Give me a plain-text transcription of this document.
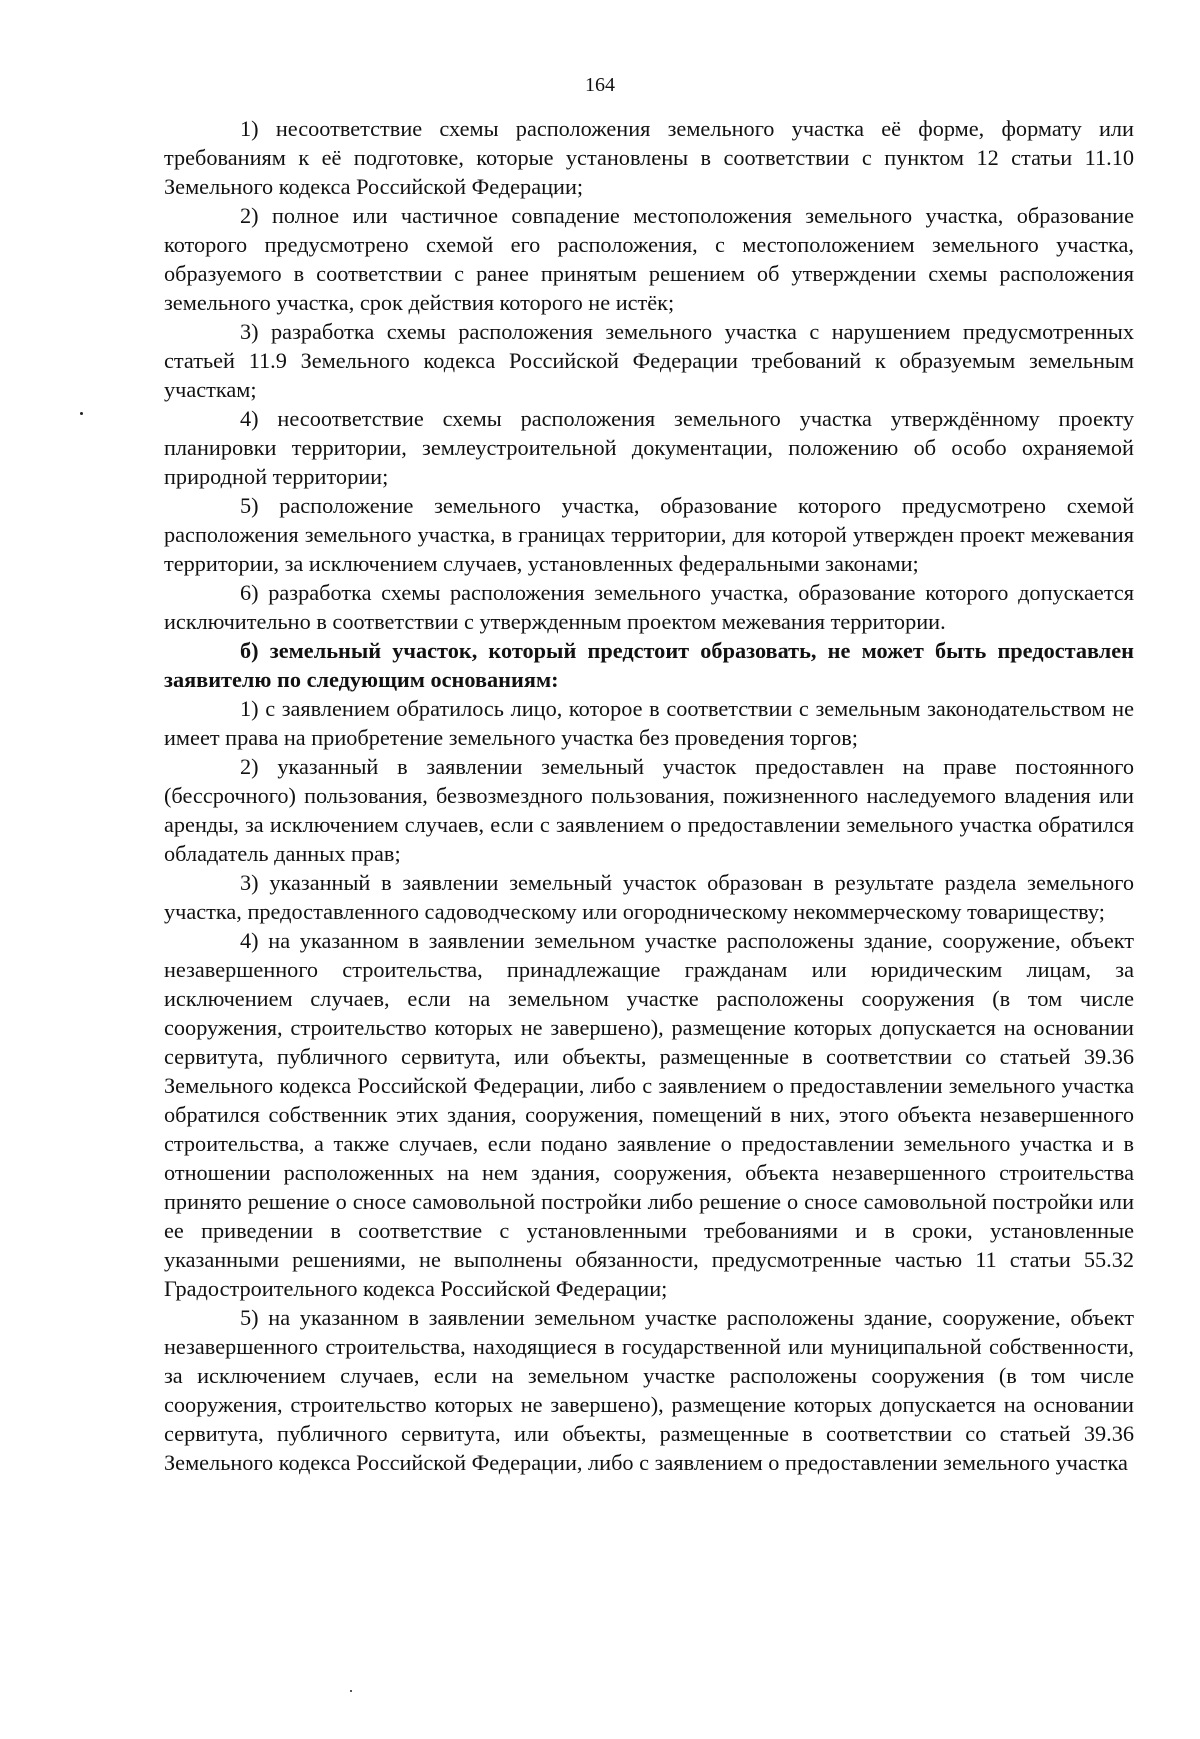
164

1) несоответствие схемы расположения земельного участка её форме, формату или требованиям к её подготовке, которые установлены в соответствии с пунктом 12 статьи 11.10 Земельного кодекса Российской Федерации;

2) полное или частичное совпадение местоположения земельного участка, образование которого предусмотрено схемой его расположения, с местоположением земельного участка, образуемого в соответствии с ранее принятым решением об утверждении схемы расположения земельного участка, срок действия которого не истёк;

3) разработка схемы расположения земельного участка с нарушением предусмотренных статьей 11.9 Земельного кодекса Российской Федерации требований к образуемым земельным участкам;

4) несоответствие схемы расположения земельного участка утверждённому проекту планировки территории, землеустроительной документации, положению об особо охраняемой природной территории;

5) расположение земельного участка, образование которого предусмотрено схемой расположения земельного участка, в границах территории, для которой утвержден проект межевания территории, за исключением случаев, установленных федеральными законами;

6) разработка схемы расположения земельного участка, образование которого допускается исключительно в соответствии с утвержденным проектом межевания территории.

б) земельный участок, который предстоит образовать, не может быть предоставлен заявителю по следующим основаниям:

1) с заявлением обратилось лицо, которое в соответствии с земельным законодательством не имеет права на приобретение земельного участка без проведения торгов;

2) указанный в заявлении земельный участок предоставлен на праве постоянного (бессрочного) пользования, безвозмездного пользования, пожизненного наследуемого владения или аренды, за исключением случаев, если с заявлением о предоставлении земельного участка обратился обладатель данных прав;

3) указанный в заявлении земельный участок образован в результате раздела земельного участка, предоставленного садоводческому или огородническому некоммерческому товариществу;

4) на указанном в заявлении земельном участке расположены здание, сооружение, объект незавершенного строительства, принадлежащие гражданам или юридическим лицам, за исключением случаев, если на земельном участке расположены сооружения (в том числе сооружения, строительство которых не завершено), размещение которых допускается на основании сервитута, публичного сервитута, или объекты, размещенные в соответствии со статьей 39.36 Земельного кодекса Российской Федерации, либо с заявлением о предоставлении земельного участка обратился собственник этих здания, сооружения, помещений в них, этого объекта незавершенного строительства, а также случаев, если подано заявление о предоставлении земельного участка и в отношении расположенных на нем здания, сооружения, объекта незавершенного строительства принято решение о сносе самовольной постройки либо решение о сносе самовольной постройки или ее приведении в соответствие с установленными требованиями и в сроки, установленные указанными решениями, не выполнены обязанности, предусмотренные частью 11 статьи 55.32 Градостроительного кодекса Российской Федерации;

5) на указанном в заявлении земельном участке расположены здание, сооружение, объект незавершенного строительства, находящиеся в государственной или муниципальной собственности, за исключением случаев, если на земельном участке расположены сооружения (в том числе сооружения, строительство которых не завершено), размещение которых допускается на основании сервитута, публичного сервитута, или объекты, размещенные в соответствии со статьей 39.36 Земельного кодекса Российской Федерации, либо с заявлением о предоставлении земельного участка
